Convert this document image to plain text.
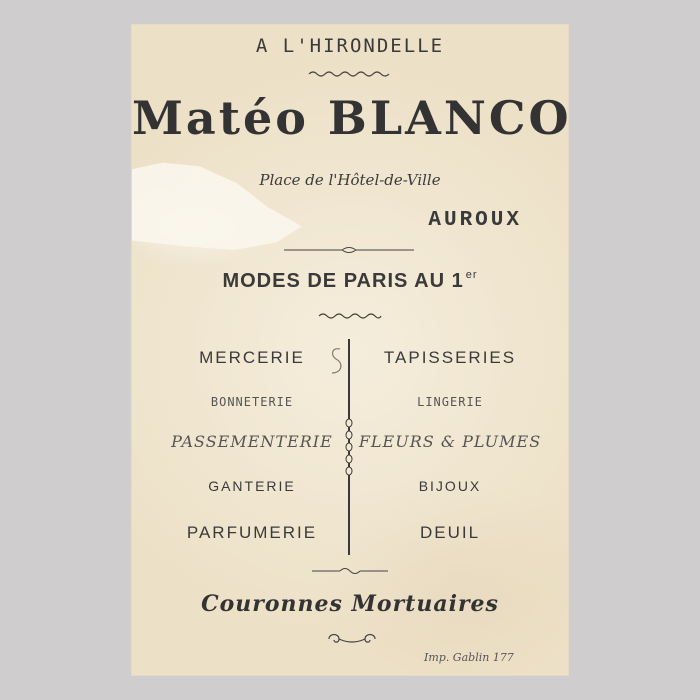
A L'HIRONDELLE
Matéo BLANCO
Place de l'Hôtel-de-Ville
AUROUX
MODES DE PARIS AU 1 $^{er}$
MERCERIE
BONNETERIE
PASSEMENTERIE
GANTERIE
PARFUMERIE
TAPISSERIES
LINGERIE
FLEURS & PLUMES
BIJOUX
DEUIL
Couronnes Mortuaires
Imp. Gablin 177
